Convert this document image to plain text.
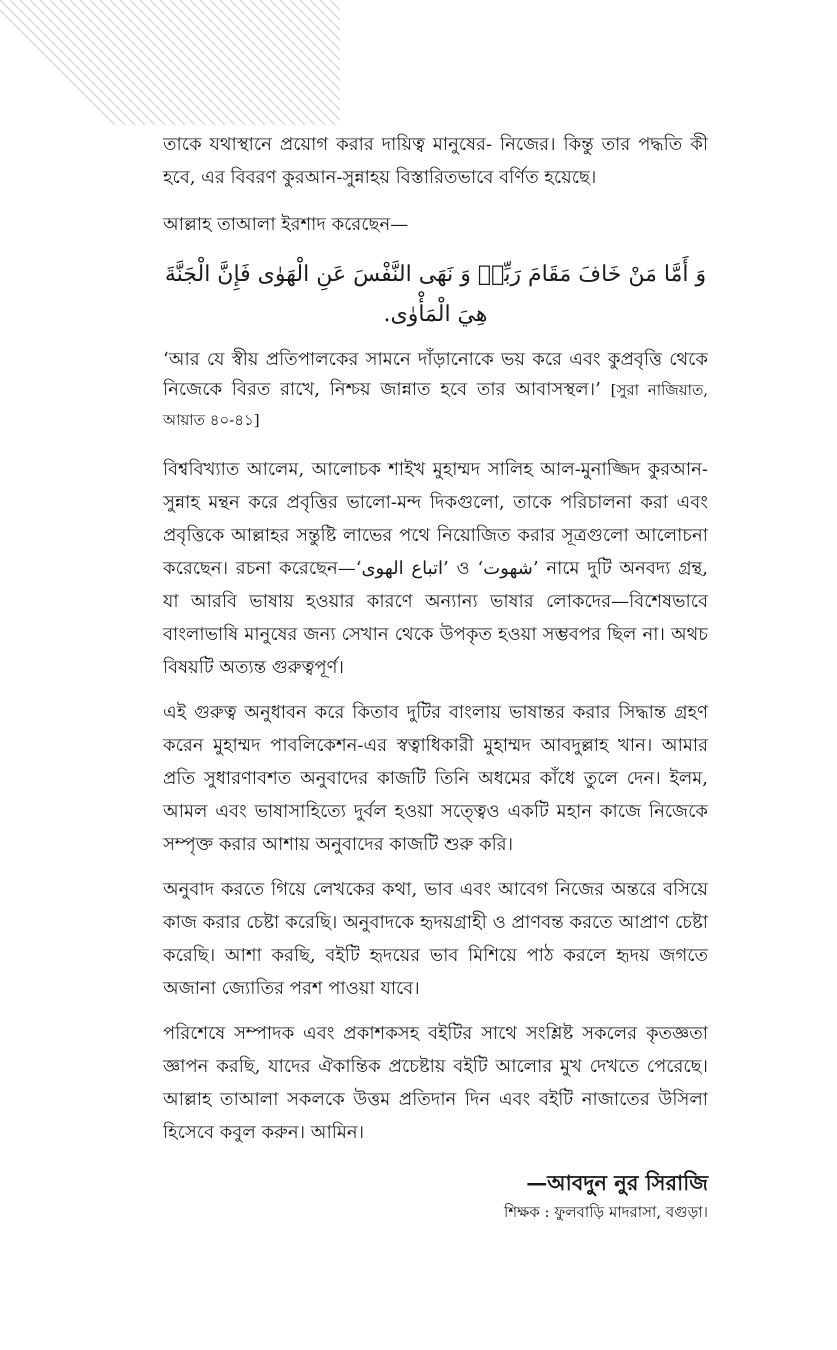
তাকে যথাস্থানে প্রয়োগ করার দায়িত্ব মানুষের- নিজের। কিন্তু তার পদ্ধতি কী হবে, এর বিবরণ কুরআন-সুন্নাহয় বিস্তারিতভাবে বর্ণিত হয়েছে।

আল্লাহ তাআলা ইরশাদ করেছেন—

وَ أَمَّا مَنْ خَافَ مَقَامَ رَبِّهٖ وَ نَهَى النَّفْسَ عَنِ الْهَوٰى فَإِنَّ الْجَنَّةَ هِيَ الْمَأْوٰى.

‘আর যে স্বীয় প্রতিপালকের সামনে দাঁড়ানোকে ভয় করে এবং কুপ্রবৃত্তি থেকে নিজেকে বিরত রাখে, নিশ্চয় জান্নাত হবে তার আবাসস্থল।’ [সুরা নাজিয়াত, আয়াত ৪০-৪১]

বিশ্ববিখ্যাত আলেম, আলোচক শাইখ মুহাম্মদ সালিহ আল-মুনাজ্জিদ কুরআন-সুন্নাহ মন্থন করে প্রবৃত্তির ভালো-মন্দ দিকগুলো, তাকে পরিচালনা করা এবং প্রবৃত্তিকে আল্লাহর সন্তুষ্টি লাভের পথে নিয়োজিত করার সূত্রগুলো আলোচনা করেছেন। রচনা করেছেন—‘اتباع الهوى’ ও ‘شهوت’ নামে দুটি অনবদ্য গ্রন্থ, যা আরবি ভাষায় হওয়ার কারণে অন্যান্য ভাষার লোকদের—বিশেষভাবে বাংলাভাষি মানুষের জন্য সেখান থেকে উপকৃত হওয়া সম্ভবপর ছিল না। অথচ বিষয়টি অত্যন্ত গুরুত্বপূর্ণ।

এই গুরুত্ব অনুধাবন করে কিতাব দুটির বাংলায় ভাষান্তর করার সিদ্ধান্ত গ্রহণ করেন মুহাম্মদ পাবলিকেশন-এর স্বত্বাধিকারী মুহাম্মদ আবদুল্লাহ খান। আমার প্রতি সুধারণাবশত অনুবাদের কাজটি তিনি অধমের কাঁধে তুলে দেন। ইলম, আমল এবং ভাষাসাহিত্যে দুর্বল হওয়া সত্ত্বেও একটি মহান কাজে নিজেকে সম্পৃক্ত করার আশায় অনুবাদের কাজটি শুরু করি।

অনুবাদ করতে গিয়ে লেখকের কথা, ভাব এবং আবেগ নিজের অন্তরে বসিয়ে কাজ করার চেষ্টা করেছি। অনুবাদকে হৃদয়গ্রাহী ও প্রাণবন্ত করতে আপ্রাণ চেষ্টা করেছি। আশা করছি, বইটি হৃদয়ের ভাব মিশিয়ে পাঠ করলে হৃদয় জগতে অজানা জ্যোতির পরশ পাওয়া যাবে।

পরিশেষে সম্পাদক এবং প্রকাশকসহ বইটির সাথে সংশ্লিষ্ট সকলের কৃতজ্ঞতা জ্ঞাপন করছি, যাদের ঐকান্তিক প্রচেষ্টায় বইটি আলোর মুখ দেখতে পেরেছে। আল্লাহ তাআলা সকলকে উত্তম প্রতিদান দিন এবং বইটি নাজাতের উসিলা হিসেবে কবুল করুন। আমিন।

—আবদুন নুর সিরাজি
শিক্ষক : ফুলবাড়ি মাদরাসা, বগুড়া।
